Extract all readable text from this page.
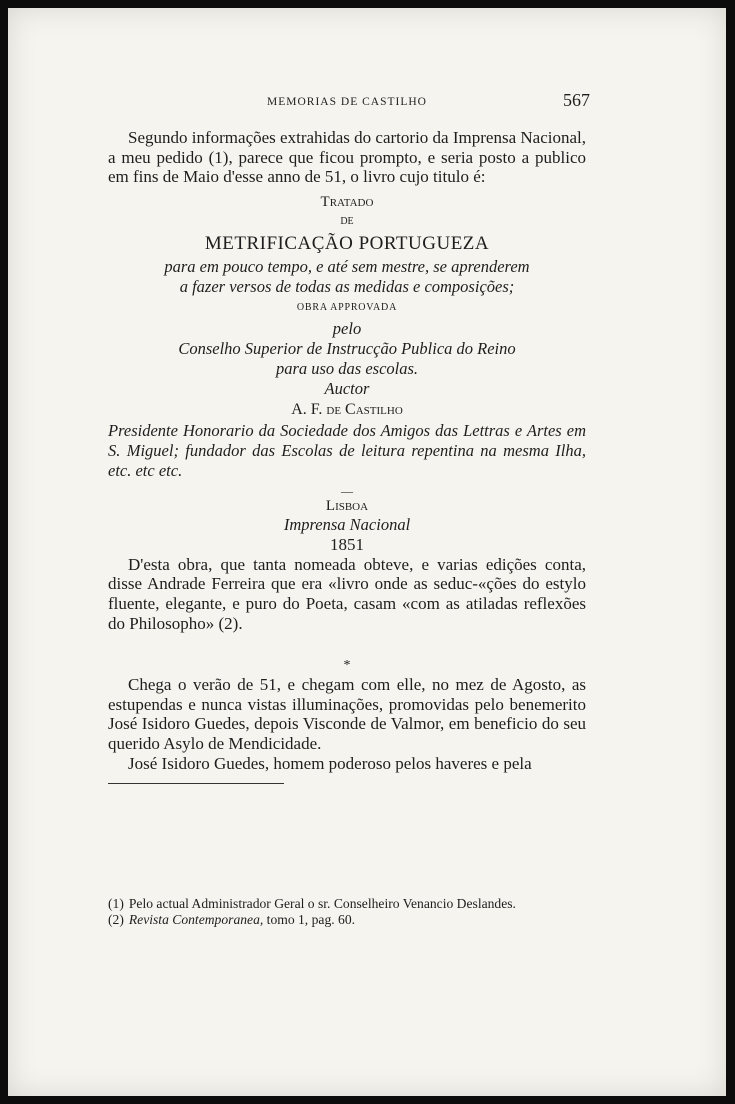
MEMORIAS DE CASTILHO	567

Segundo informações extrahidas do cartorio da Imprensa Nacional, a meu pedido (1), parece que ficou prompto, e seria posto a publico em fins de Maio d'esse anno de 51, o livro cujo titulo é:

Tratado
DE
METRIFICAÇÃO PORTUGUEZA
para em pouco tempo, e até sem mestre, se aprenderem
a fazer versos de todas as medidas e composições;
OBRA APPROVADA
pelo
Conselho Superior de Instrucção Publica do Reino
para uso das escolas.
Auctor
A. F. de Castilho
Presidente Honorario da Sociedade dos Amigos das Lettras e Artes em S. Miguel; fundador das Escolas de leitura repentina na mesma Ilha, etc. etc etc.
—
Lisboa
Imprensa Nacional
1851

D'esta obra, que tanta nomeada obteve, e varias edições conta, disse Andrade Ferreira que era «livro onde as seduc-«ções do estylo fluente, elegante, e puro do Poeta, casam «com as atiladas reflexões do Philosopho» (2).

*

Chega o verão de 51, e chegam com elle, no mez de Agosto, as estupendas e nunca vistas illuminações, promovidas pelo benemerito José Isidoro Guedes, depois Visconde de Valmor, em beneficio do seu querido Asylo de Mendicidade.

José Isidoro Guedes, homem poderoso pelos haveres e pela

(1) Pelo actual Administrador Geral o sr. Conselheiro Venancio Deslandes.

(2) Revista Contemporanea, tomo 1, pag. 60.
